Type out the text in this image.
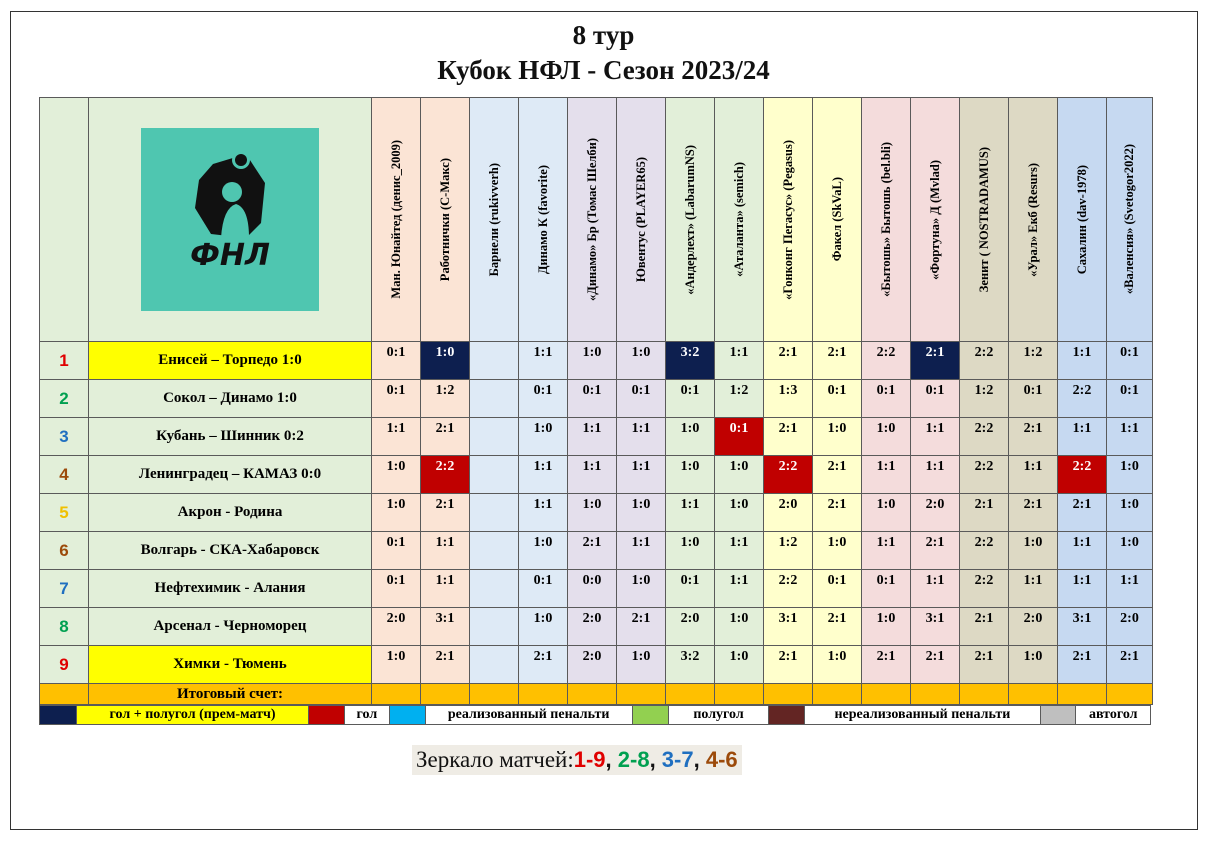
8 тур
Кубок НФЛ - Сезон 2023/24

	ФНЛ	Ман. Юнайтед (денис_2009)	Работнички (С-Макс)	Барнели (rukivverh)	Динамо К (favorite)	«Динамо» Бр (Томас Шелби)	Ювентус (PLAYER65)	«Андерлехт» (LabarumNS)	«Аталанта» (semich)	«Гонконг Пегасус» (Pegasus)	Факел (SkVaL)	«Бытошь» Бытошь (bel.bli)	«Фортуна» Д (Mvlad)	Зенит ( NOSTRADAMUS)	«Урал» Екб (Resurs)	Сахалин (dav-1978)	«Валенсия» (Svetogor2022)

1	Енисей – Торпедо 1:0	0:1	1:0		1:1	1:0	1:0	3:2	1:1	2:1	2:1	2:2	2:1	2:2	1:2	1:1	0:1
2	Сокол – Динамо 1:0	0:1	1:2		0:1	0:1	0:1	0:1	1:2	1:3	0:1	0:1	0:1	1:2	0:1	2:2	0:1
3	Кубань – Шинник 0:2	1:1	2:1		1:0	1:1	1:1	1:0	0:1	2:1	1:0	1:0	1:1	2:2	2:1	1:1	1:1
4	Ленинградец – КАМАЗ 0:0	1:0	2:2		1:1	1:1	1:1	1:0	1:0	2:2	2:1	1:1	1:1	2:2	1:1	2:2	1:0
5	Акрон - Родина	1:0	2:1		1:1	1:0	1:0	1:1	1:0	2:0	2:1	1:0	2:0	2:1	2:1	2:1	1:0
6	Волгарь - СКА-Хабаровск	0:1	1:1		1:0	2:1	1:1	1:0	1:1	1:2	1:0	1:1	2:1	2:2	1:0	1:1	1:0
7	Нефтехимик - Алания	0:1	1:1		0:1	0:0	1:0	0:1	1:1	2:2	0:1	0:1	1:1	2:2	1:1	1:1	1:1
8	Арсенал - Черноморец	2:0	3:1		1:0	2:0	2:1	2:0	1:0	3:1	2:1	1:0	3:1	2:1	2:0	3:1	2:0
9	Химки - Тюмень	1:0	2:1		2:1	2:0	1:0	3:2	1:0	2:1	1:0	2:1	2:1	2:1	1:0	2:1	2:1
	Итоговый счет:																
гол + полугол (прем-матч)	гол	реализованный пенальти	полугол	нереализованный пенальти	автогол
Зеркало матчей: 1-9, 2-8, 3-7, 4-6
